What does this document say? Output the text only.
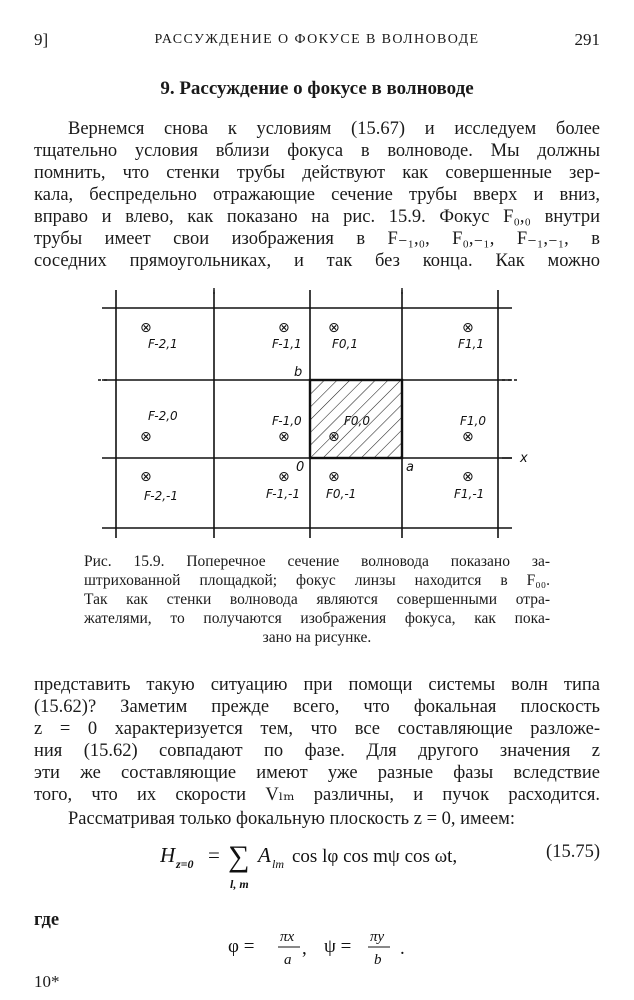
9]	РАССУЖДЕНИЕ О ФОКУСЕ В ВОЛНОВОДЕ	291
9. Рассуждение о фокусе в волноводе
Вернемся снова к условиям (15.67) и исследуем более
тщательно условия вблизи фокуса в волноводе. Мы должны
помнить, что стенки трубы действуют как совершенные зер-
кала, беспредельно отражающие сечение трубы вверх и вниз,
вправо и влево, как показано на рис. 15.9. Фокус F₀,₀ внутри
трубы имеет свои изображения в F₋₁,₀, F₀,₋₁, F₋₁,₋₁, в
соседних прямоугольниках, и так без конца. Как можно
⊗	⊗	⊗	⊗
⊗	⊗	⊗	⊗
⊗	⊗	⊗	⊗
F-2,1	F-1,1	F0,1	F1,1
F-2,0	F-1,0	F0,0	F1,0
F-2,-1	F-1,-1 F0,-1	F1,-1
b
0	a
x
Рис. 15.9. Поперечное сечение волновода показано за-
штрихованной площадкой; фокус линзы находится в F₀₀.
Так как стенки волновода являются совершенными отра-
жателями, то получаются изображения фокуса, как пока-
зано на рисунке.
представить такую ситуацию при помощи системы волн типа
(15.62)? Заметим прежде всего, что фокальная плоскость
z = 0 характеризуется тем, что все составляющие разложе-
ния (15.62) совпадают по фазе. Для другого значения z
эти же составляющие имеют уже разные фазы вследствие
того, что их скорости Vₗₘ различны, и пучок расходится.
Рассматривая только фокальную плоскость z = 0, имеем:
H z=0 = ∑
l, m
A lm cos lφ cos mψ cos ωt,	(15.75)
где
φ = πx
a
, ψ = πy
b
.
10*
